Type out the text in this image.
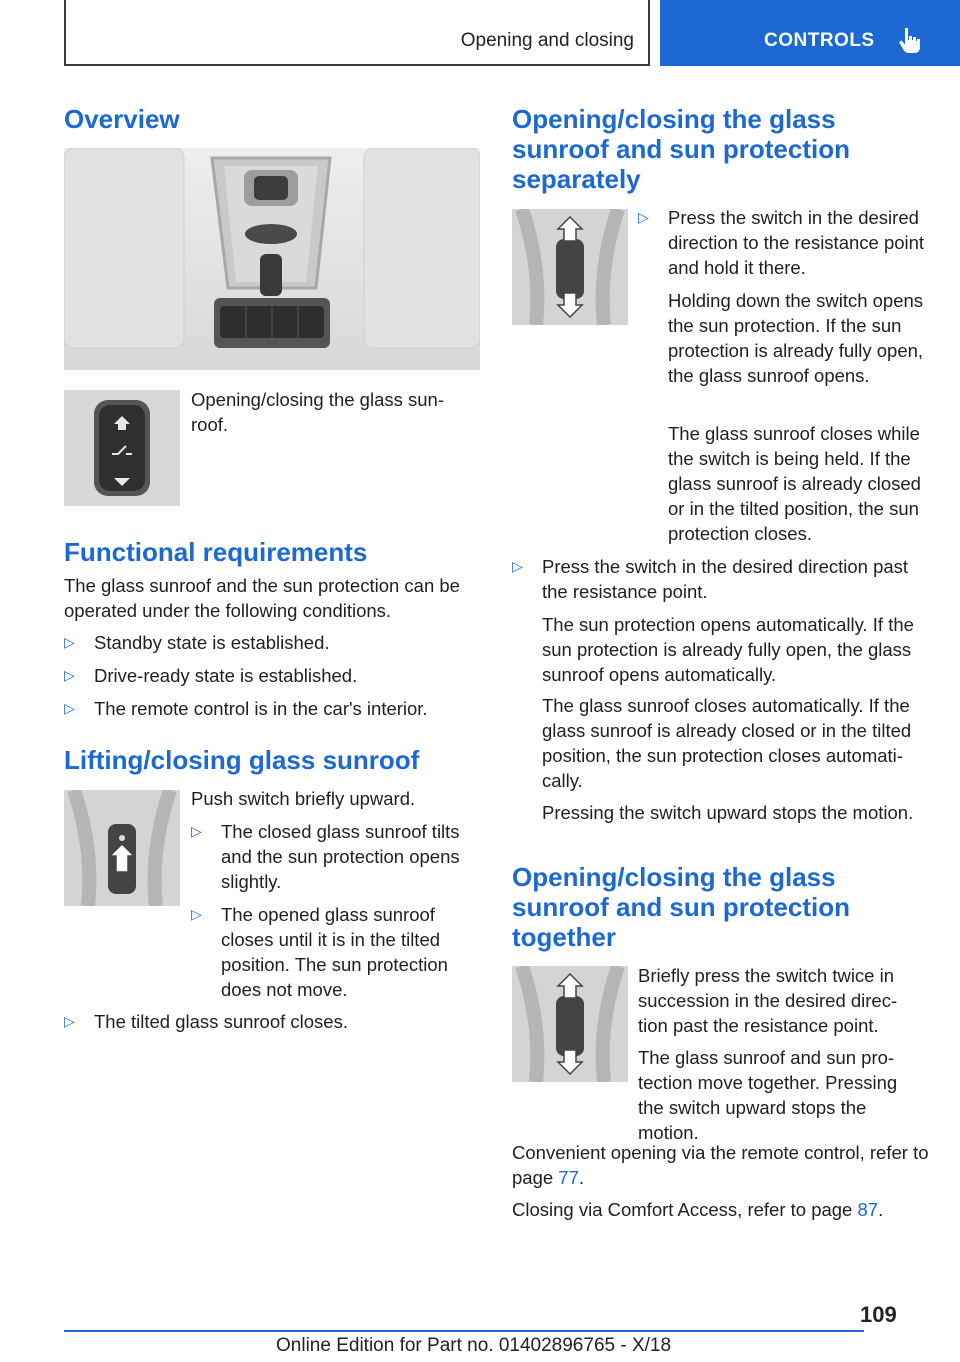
Opening and closing	CONTROLS
Overview
Opening/closing the glass sun-
roof.
Functional requirements
The glass sunroof and the sun protection can be operated under the following conditions.
▷ Standby state is established.
▷ Drive-ready state is established.
▷ The remote control is in the car's interior.
Lifting/closing glass sunroof
Push switch briefly upward.
▷ The closed glass sunroof tilts and the sun protection opens slightly.
▷ The opened glass sunroof closes until it is in the tilted position. The sun protection does not move.
▷ The tilted glass sunroof closes.
Opening/closing the glass sunroof and sun protection separately
▷ Press the switch in the desired direction to the resistance point and hold it there.
Holding down the switch opens the sun protection. If the sun protection is already fully open, the glass sunroof opens.
The glass sunroof closes while the switch is being held. If the glass sunroof is already closed or in the tilted position, the sun protection closes.
▷ Press the switch in the desired direction past the resistance point.
The sun protection opens automatically. If the sun protection is already fully open, the glass sunroof opens automatically.
The glass sunroof closes automatically. If the glass sunroof is already closed or in the tilted position, the sun protection closes automati-cally.
Pressing the switch upward stops the motion.
Opening/closing the glass sunroof and sun protection together
Briefly press the switch twice in succession in the desired direc-tion past the resistance point.
The glass sunroof and sun pro-tection move together. Pressing the switch upward stops the motion.
Convenient opening via the remote control, refer to page 77.
Closing via Comfort Access, refer to page 87.
109
Online Edition for Part no. 01402896765 - X/18
